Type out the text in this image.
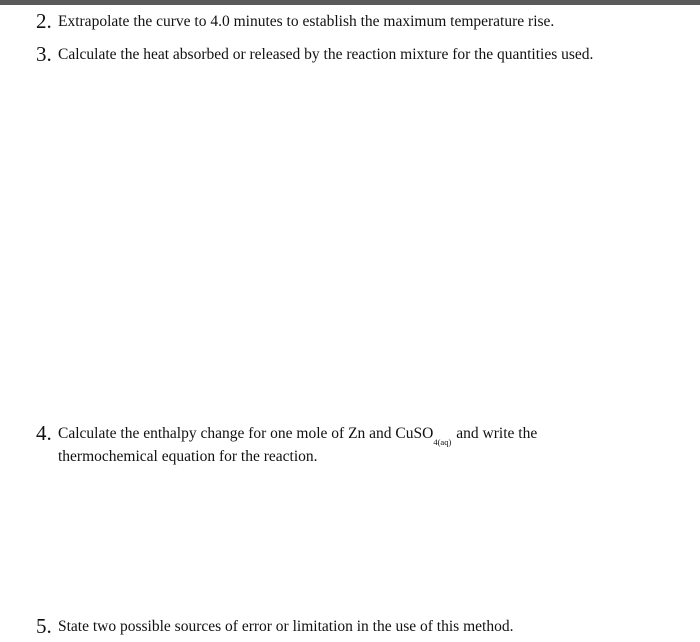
2. Extrapolate the curve to 4.0 minutes to establish the maximum temperature rise.
3. Calculate the heat absorbed or released by the reaction mixture for the quantities used.
4. Calculate the enthalpy change for one mole of Zn and CuSO$_{4(aq)}$ and write the
thermochemical equation for the reaction.
5. State two possible sources of error or limitation in the use of this method.
